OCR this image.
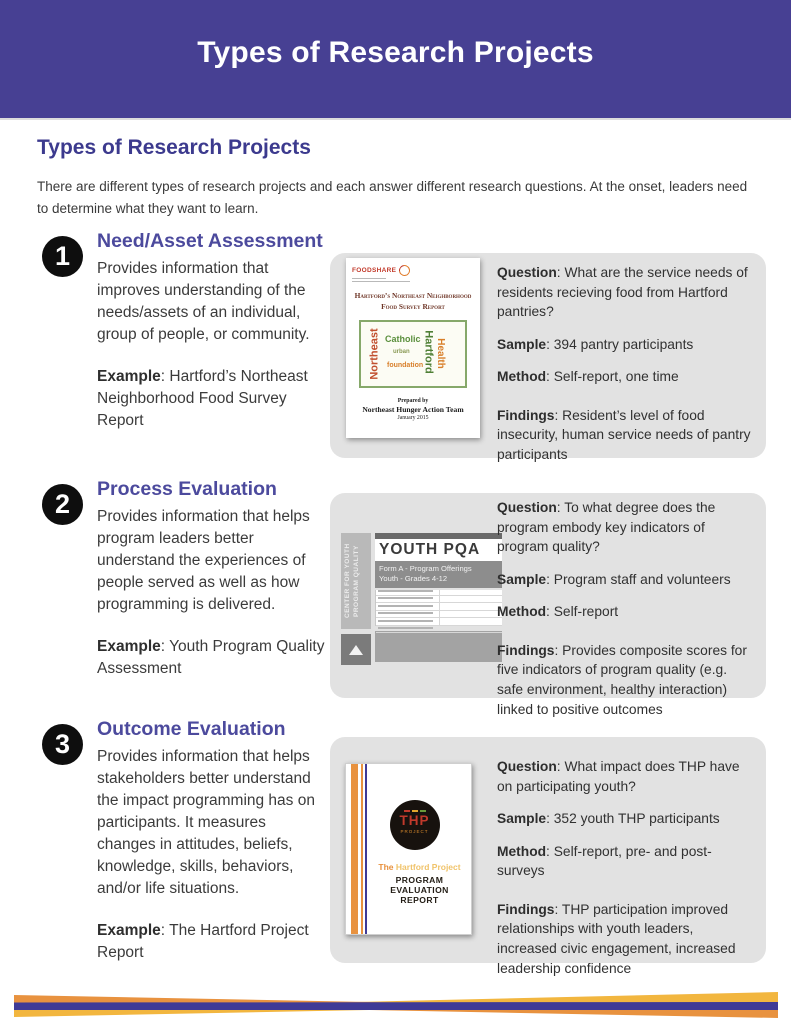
Types of Research Projects
Types of Research Projects

There are different types of research projects and each answer different research questions. At the onset, leaders need to determine what they want to learn.

1	Need/Asset Assessment

Provides information that improves understanding of the needs/assets of an individual, group of people, or community.

Example: Hartford’s Northeast Neighborhood Food Survey Report

FOODSHARE
Hartford’s Northeast Neighborhood
Food Survey Report
Northeast Catholic Hartford Health
foundation
urban
Prepared by
Northeast Hunger Action Team
January 2015

Question: What are the service needs of residents recieving food from Hartford pantries?

Sample: 394 pantry participants

Method: Self-report, one time

Findings: Resident’s level of food insecurity, human service needs of pantry participants

2	Process Evaluation

Provides information that helps program leaders better understand the experiences of people served as well as how programming is delivered.

Example: Youth Program Quality Assessment

CENTER FOR YOUTH PROGRAM QUALITY	YOUTH PQA
Form A - Program Offerings
Youth - Grades 4-12

Question: To what degree does the program embody key indicators of program quality?

Sample: Program staff and volunteers

Method: Self-report

Findings: Provides composite scores for five indicators of program quality (e.g. safe environment, healthy interaction) linked to positive outcomes

3	Outcome Evaluation

Provides information that helps stakeholders better understand the impact programming has on participants. It measures changes in attitudes, beliefs, knowledge, skills, behaviors, and/or life situations.

Example: The Hartford Project Report

THP
PROJECT
The Hartford Project
PROGRAM EVALUATION REPORT

Question: What impact does THP have on participating youth?

Sample: 352 youth THP participants

Method: Self-report, pre- and post-surveys

Findings: THP participation improved relationships with youth leaders, increased civic engagement, increased leadership confidence
